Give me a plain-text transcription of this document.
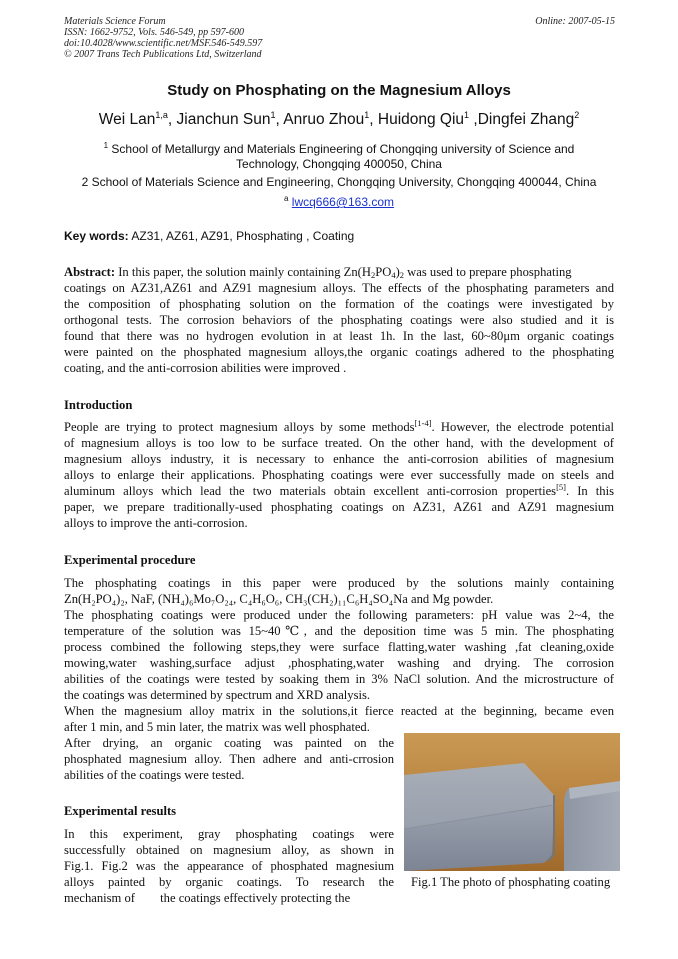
Materials Science Forum
ISSN: 1662-9752, Vols. 546-549, pp 597-600
doi:10.4028/www.scientific.net/MSF.546-549.597
© 2007 Trans Tech Publications Ltd, Switzerland
Online: 2007-05-15
Study on Phosphating on the Magnesium Alloys
Wei Lan$^{1,a}$, Jianchun Sun$^1$, Anruo Zhou$^1$, Huidong Qiu$^1$ ,Dingfei Zhang$^2$
$^1$ School of Metallurgy and Materials Engineering of Chongqing university of Science and
Technology, Chongqing 400050, China
2 School of Materials Science and Engineering, Chongqing University, Chongqing 400044, China
$^a$ lwcq666@163.com
Key words: AZ31, AZ61, AZ91, Phosphating , Coating
Abstract: In this paper, the solution mainly containing $Zn(H_2PO_4)_2$ was used to prepare phosphating
coatings on AZ31,AZ61 and AZ91 magnesium alloys. The effects of the phosphating parameters and
the composition of phosphating solution on the formation of the coatings were investigated by
orthogonal tests. The corrosion behaviors of the phosphating coatings were also studied and it is
found that there was no hydrogen evolution in at least 1h. In the last, 60~80μm organic coatings
were painted on the phosphated magnesium alloys,the organic coatings adhered to the phosphating
coating, and the anti-corrosion abilities were improved .
Introduction
People are trying to protect magnesium alloys by some methods[1-4]. However, the electrode potential
of magnesium alloys is too low to be surface treated. On the other hand, with the development of
magnesium alloys industry, it is necessary to enhance the anti-corrosion abilities of magnesium
alloys to enlarge their applications. Phosphating coatings were ever successfully made on steels and
aluminum alloys which lead the two materials obtain excellent anti-corrosion properties[5]. In this
paper, we prepare traditionally-used phosphating coatings on AZ31, AZ61 and AZ91 magnesium
alloys to improve the anti-corrosion.
Experimental procedure
The phosphating coatings in this paper were produced by the solutions mainly containing
Zn(H₂PO₄)₂, NaF, (NH₄)₆Mo₇O₂₄, C₄H₆O₆, CH₃(CH₂)₁₁C₆H₄SO₄Na and Mg powder.
The phosphating coatings were produced under the following parameters: pH value was 2~4, the
temperature of the solution was 15~40℃, and the deposition time was 5 min. The phosphating
process combined the following steps,they were surface flatting,water washing ,fat cleaning,oxide
mowing,water washing,surface adjust ,phosphating,water washing and drying. The corrosion
abilities of the coatings were tested by soaking them in 3% NaCl solution. And the microstructure of
the coatings was determined by spectrum and XRD analysis.
When the magnesium alloy matrix in the solutions,it fierce reacted at the beginning, became even
after 1 min, and 5 min later, the matrix was well phosphated.
After drying, an organic coating was painted on the
phosphated magnesium alloy. Then adhere and anti-crrosion
abilities of the coatings were tested.
Experimental results
In this experiment, gray phosphating coatings were
successfully obtained on magnesium alloy, as shown in
Fig.1. Fig.2 was the appearance of phosphated magnesium
alloys painted by organic coatings. To research the
mechanism of        the coatings effectively protecting the
Fig.1 The photo of phosphating coating
